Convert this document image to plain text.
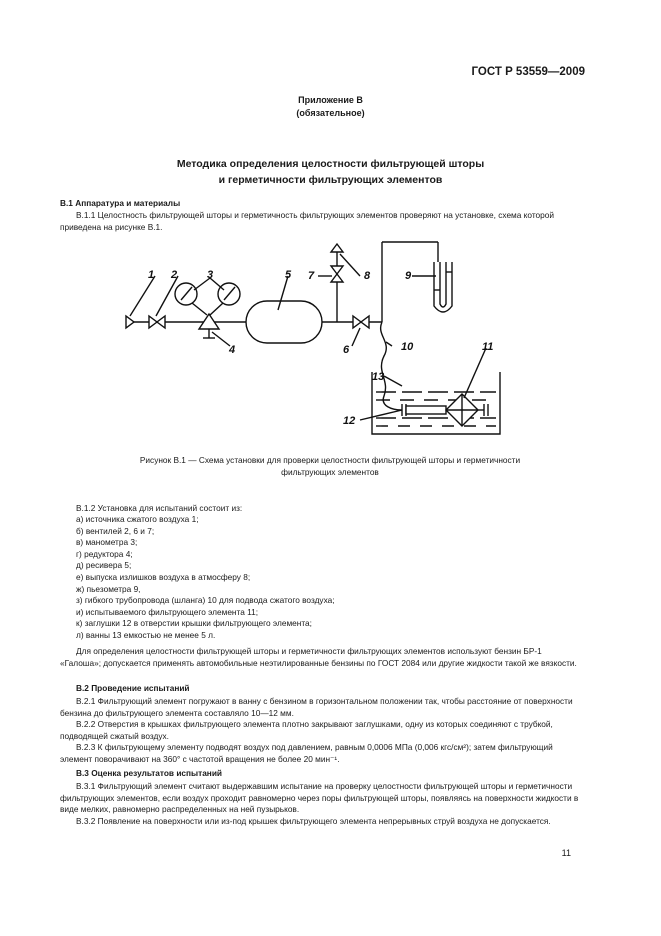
ГОСТ Р 53559—2009
Приложение В
(обязательное)
Методика определения целостности фильтрующей шторы
и герметичности фильтрующих элементов
В.1 Аппаратура и материалы
В.1.1 Целостность фильтрующей шторы и герметичность фильтрующих элементов проверяют на установке, схема которой приведена на рисунке В.1.
1 2	3	5 7	8	9
4	6	10	11
13
12
Рисунок В.1 — Схема установки для проверки целостности фильтрующей шторы и герметичности
фильтрующих элементов
В.1.2 Установка для испытаний состоит из:
а) источника сжатого воздуха 1;
б) вентилей 2, 6 и 7;
в) манометра 3;
г) редуктора 4;
д) ресивера 5;
е) выпуска излишков воздуха в атмосферу 8;
ж) пьезометра 9,
з) гибкого трубопровода (шланга) 10 для подвода сжатого воздуха;
и) испытываемого фильтрующего элемента 11;
к) заглушки 12 в отверстии крышки фильтрующего элемента;
л) ванны 13 емкостью не менее 5 л.
Для определения целостности фильтрующей шторы и герметичности фильтрующих элементов используют бензин БР-1 «Галоша»; допускается применять автомобильные неэтилированные бензины по ГОСТ 2084 или другие жидкости такой же вязкости.
В.2 Проведение испытаний
В.2.1 Фильтрующий элемент погружают в ванну с бензином в горизонтальном положении так, чтобы расстояние от поверхности бензина до фильтрующего элемента составляло 10—12 мм.
В.2.2 Отверстия в крышках фильтрующего элемента плотно закрывают заглушками, одну из которых соединяют с трубкой, подводящей сжатый воздух.
В.2.3 К фильтрующему элементу подводят воздух под давлением, равным 0,0006 МПа (0,006 кгс/см²); затем фильтрующий элемент поворачивают на 360° с частотой вращения не более 20 мин⁻¹.
В.3 Оценка результатов испытаний
В.3.1 Фильтрующий элемент считают выдержавшим испытание на проверку целостности фильтрующей шторы и герметичности фильтрующих элементов, если воздух проходит равномерно через поры фильтрующей шторы, появляясь на поверхности жидкости в виде мелких, равномерно распределенных на ней пузырьков.
В.3.2 Появление на поверхности или из-под крышек фильтрующего элемента непрерывных струй воздуха не допускается.
11
